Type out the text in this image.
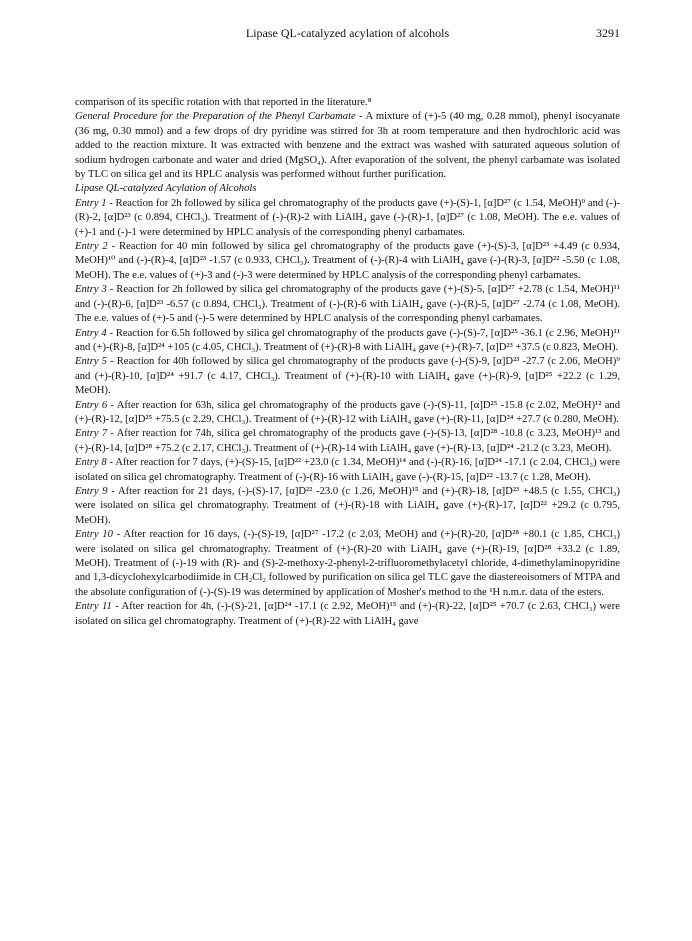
Lipase QL-catalyzed acylation of alcohols	3291

comparison of its specific rotation with that reported in the literature.⁸

General Procedure for the Preparation of the Phenyl Carbamate - A mixture of (+)-5 (40 mg, 0.28 mmol), phenyl isocyanate (36 mg, 0.30 mmol) and a few drops of dry pyridine was stirred for 3h at room temperature and then hydrochloric acid was added to the reaction mixture. It was extracted with benzene and the extract was washed with saturated aqueous solution of sodium hydrogen carbonate and water and dried (MgSO₄). After evaporation of the solvent, the phenyl carbamate was isolated by TLC on silica gel and its HPLC analysis was performed without further purification.

Lipase QL-catalyzed Acylation of Alcohols

Entry 1 - Reaction for 2h followed by silica gel chromatography of the products gave (+)-(S)-1, [α]D²⁷ (c 1.54, MeOH)⁹ and (-)-(R)-2, [α]D²³ (c 0.894, CHCl₃). Treatment of (-)-(R)-2 with LiAlH₄ gave (-)-(R)-1, [α]D²⁷ (c 1.08, MeOH). The e.e. values of (+)-1 and (-)-1 were determined by HPLC analysis of the corresponding phenyl carbamates.

Entry 2 - Reaction for 40 min followed by silica gel chromatography of the products gave (+)-(S)-3, [α]D²³ +4.49 (c 0.934, MeOH)¹⁰ and (-)-(R)-4, [α]D²³ -1.57 (c 0.933, CHCl₃). Treatment of (-)-(R)-4 with LiAlH₄ gave (-)-(R)-3, [α]D²² -5.50 (c 1.08, MeOH). The e.e. values of (+)-3 and (-)-3 were determined by HPLC analysis of the corresponding phenyl carbamates.

Entry 3 - Reaction for 2h followed by silica gel chromatography of the products gave (+)-(S)-5, [α]D²⁷ +2.78 (c 1.54, MeOH)¹¹ and (-)-(R)-6, [α]D²³ -6.57 (c 0.894, CHCl₃). Treatment of (-)-(R)-6 with LiAlH₄ gave (-)-(R)-5, [α]D²⁷ -2.74 (c 1.08, MeOH). The e.e. values of (+)-5 and (-)-5 were determined by HPLC analysis of the corresponding phenyl carbamates.

Entry 4 - Reaction for 6.5h followed by silica gel chromatography of the products gave (-)-(S)-7, [α]D²⁵ -36.1 (c 2.96, MeOH)¹¹ and (+)-(R)-8, [α]D²⁴ +105 (c 4.05, CHCl₃). Treatment of (+)-(R)-8 with LiAlH₄ gave (+)-(R)-7, [α]D²³ +37.5 (c 0.823, MeOH).

Entry 5 - Reaction for 40h followed by silica gel chromatography of the products gave (-)-(S)-9, [α]D²³ -27.7 (c 2.06, MeOH)⁹ and (+)-(R)-10, [α]D²⁴ +91.7 (c 4.17, CHCl₃). Treatment of (+)-(R)-10 with LiAlH₄ gave (+)-(R)-9, [α]D²⁵ +22.2 (c 1.29, MeOH).

Entry 6 - After reaction for 63h, silica gel chromatography of the products gave (-)-(S)-11, [α]D²⁵ -15.8 (c 2.02, MeOH)¹² and (+)-(R)-12, [α]D²⁵ +75.5 (c 2.29, CHCl₃). Treatment of (+)-(R)-12 with LiAlH₄ gave (+)-(R)-11, [α]D²⁴ +27.7 (c 0.280, MeOH).

Entry 7 - After reaction for 74h, silica gel chromatography of the products gave (-)-(S)-13, [α]D²⁸ -10.8 (c 3.23, MeOH)¹³ and (+)-(R)-14, [α]D²⁸ +75.2 (c 2.17, CHCl₃). Treatment of (+)-(R)-14 with LiAlH₄ gave (+)-(R)-13, [α]D²⁴ -21.2 (c 3.23, MeOH).

Entry 8 - After reaction for 7 days, (+)-(S)-15, [α]D²² +23.0 (c 1.34, MeOH)¹⁴ and (-)-(R)-16, [α]D²⁴ -17.1 (c 2.04, CHCl₃) were isolated on silica gel chromatography. Treatment of (-)-(R)-16 with LiAlH₄ gave (-)-(R)-15, [α]D²² -13.7 (c 1.28, MeOH).

Entry 9 - After reaction for 21 days, (-)-(S)-17, [α]D²² -23.0 (c 1.26, MeOH)¹⁵ and (+)-(R)-18, [α]D²³ +48.5 (c 1.55, CHCl₃) were isolated on silica gel chromatography. Treatment of (+)-(R)-18 with LiAlH₄ gave (+)-(R)-17, [α]D²² +29.2 (c 0.795, MeOH).

Entry 10 - After reaction for 16 days, (-)-(S)-19, [α]D²⁷ -17.2 (c 2.03, MeOH) and (+)-(R)-20, [α]D²⁸ +80.1 (c 1.85, CHCl₃) were isolated on silica gel chromatography. Treatment of (+)-(R)-20 with LiAlH₄ gave (+)-(R)-19, [α]D²⁸ +33.2 (c 1.89, MeOH). Treatment of (-)-19 with (R)- and (S)-2-methoxy-2-phenyl-2-trifluoromethylacetyl chloride, 4-dimethylaminopyridine and 1,3-dicyclohexylcarbodiimide in CH₂Cl₂ followed by purification on silica gel TLC gave the diastereoisomers of MTPA and the absolute configuration of (-)-(S)-19 was determined by application of Mosher's method to the ¹H n.m.r. data of the esters.

Entry 11 - After reaction for 4h, (-)-(S)-21, [α]D²⁴ -17.1 (c 2.92, MeOH)¹⁵ and (+)-(R)-22, [α]D²⁵ +70.7 (c 2.63, CHCl₃) were isolated on silica gel chromatography. Treatment of (+)-(R)-22 with LiAlH₄ gave
